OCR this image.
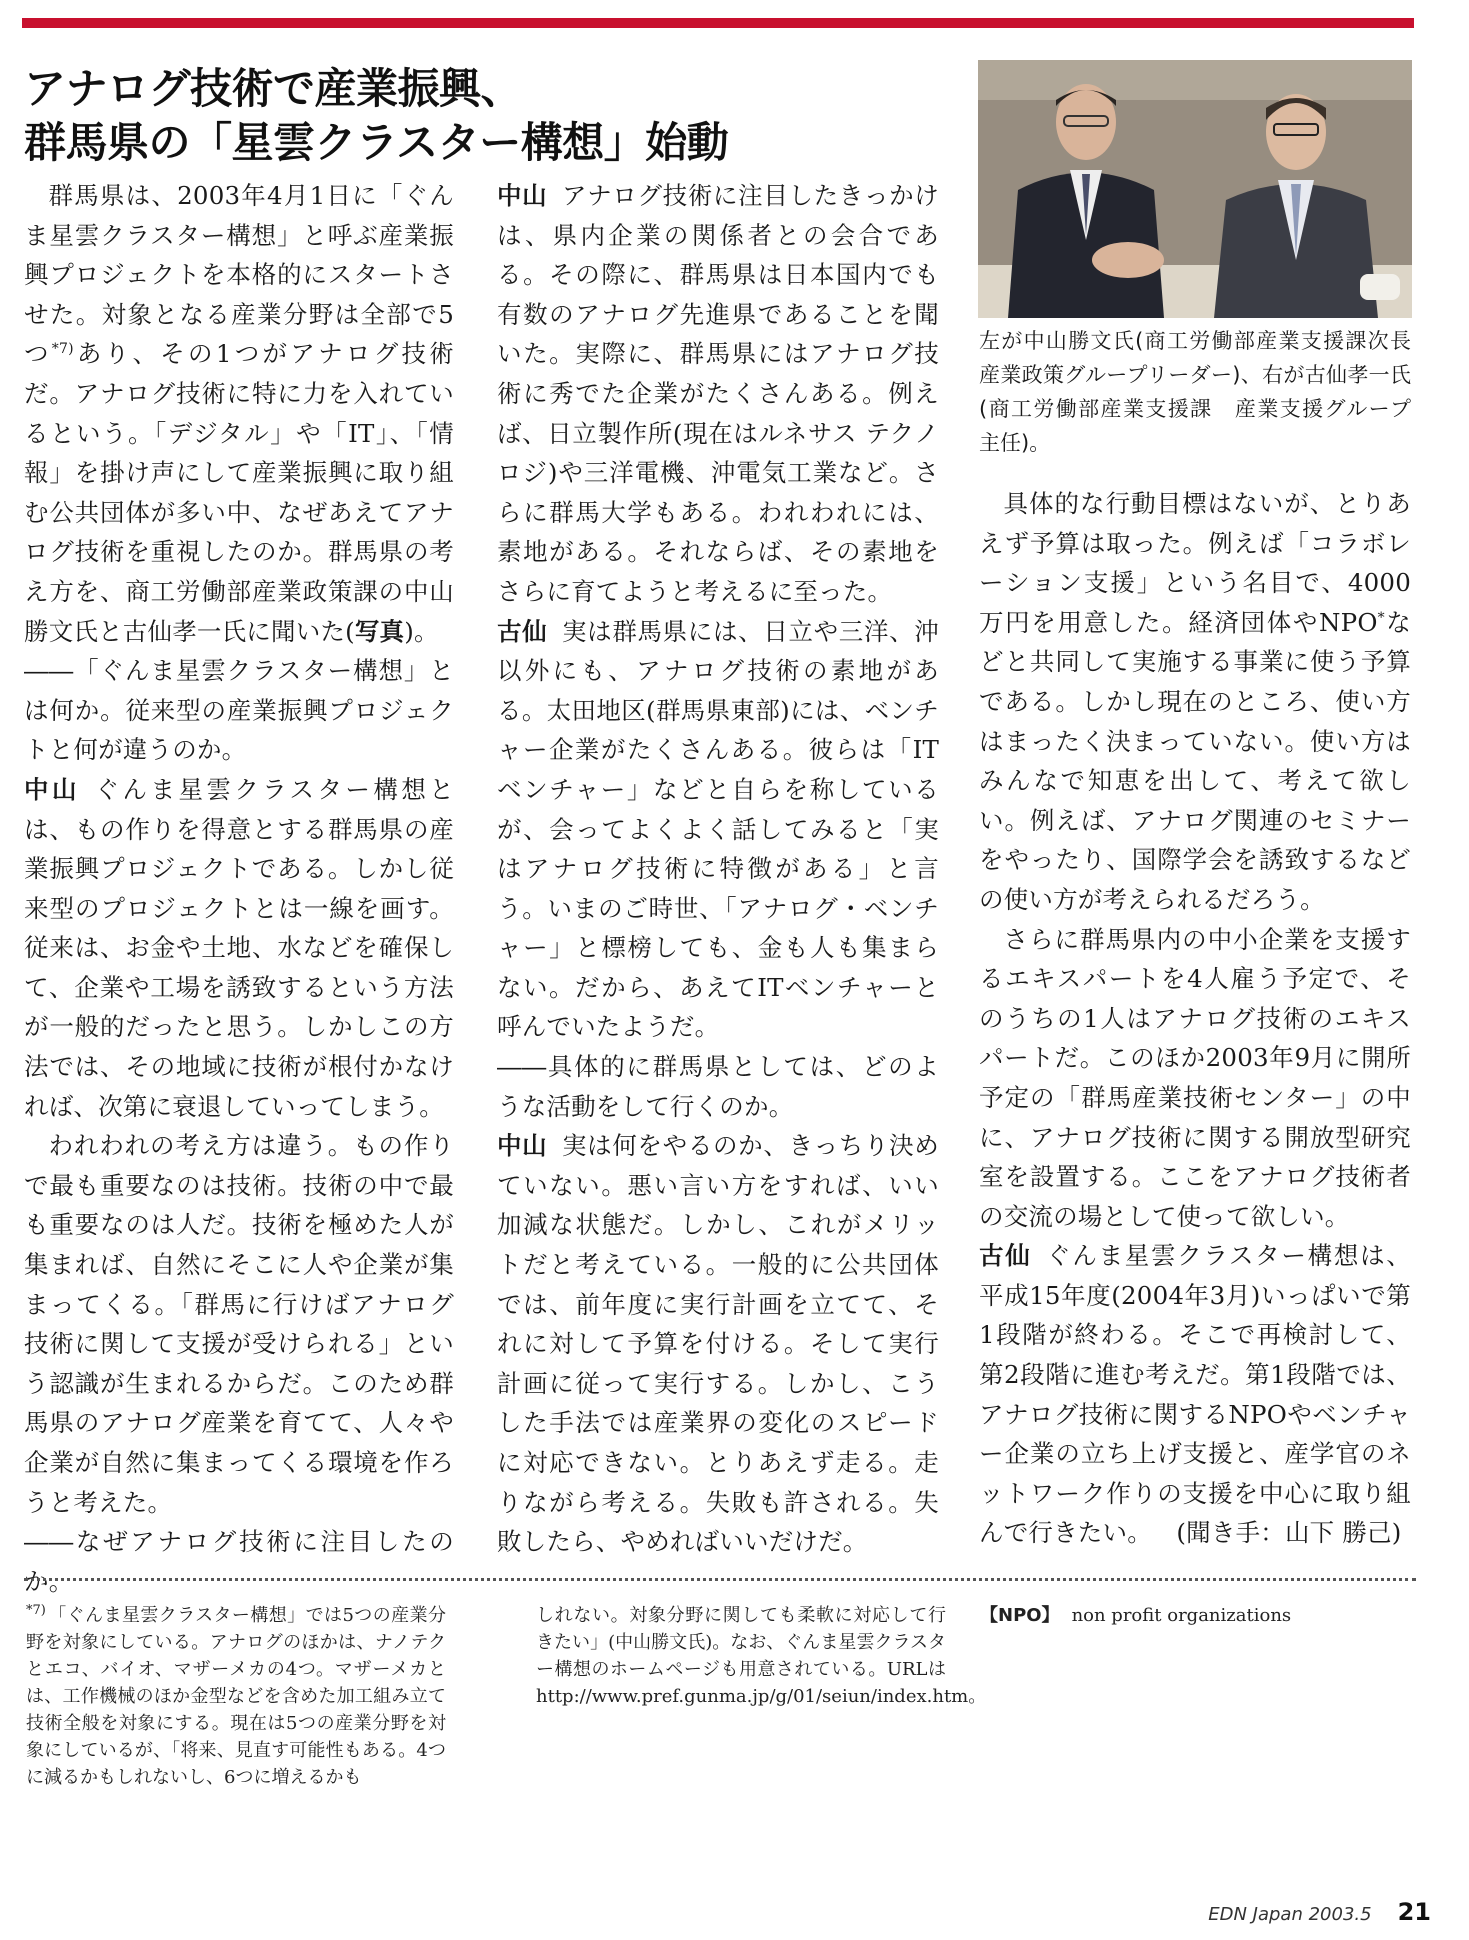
アナログ技術で産業振興、
群馬県の「星雲クラスター構想」始動

群馬県は、2003年4月1日に「ぐんま星雲クラスター構想」と呼ぶ産業振興プロジェクトを本格的にスタートさせた。対象となる産業分野は全部で5つ$^{*7)}$あり、その1つがアナログ技術だ。アナログ技術に特に力を入れているという。「デジタル」や「IT」、「情報」を掛け声にして産業振興に取り組む公共団体が多い中、なぜあえてアナログ技術を重視したのか。群馬県の考え方を、商工労働部産業政策課の中山勝文氏と古仙孝一氏に聞いた(写真)。

――「ぐんま星雲クラスター構想」とは何か。従来型の産業振興プロジェクトと何が違うのか。

中山 ぐんま星雲クラスター構想とは、もの作りを得意とする群馬県の産業振興プロジェクトである。しかし従来型のプロジェクトとは一線を画す。従来は、お金や土地、水などを確保して、企業や工場を誘致するという方法が一般的だったと思う。しかしこの方法では、その地域に技術が根付かなければ、次第に衰退していってしまう。

われわれの考え方は違う。もの作りで最も重要なのは技術。技術の中で最も重要なのは人だ。技術を極めた人が集まれば、自然にそこに人や企業が集まってくる。「群馬に行けばアナログ技術に関して支援が受けられる」という認識が生まれるからだ。このため群馬県のアナログ産業を育てて、人々や企業が自然に集まってくる環境を作ろうと考えた。

――なぜアナログ技術に注目したのか。

中山 アナログ技術に注目したきっかけは、県内企業の関係者との会合である。その際に、群馬県は日本国内でも有数のアナログ先進県であることを聞いた。実際に、群馬県にはアナログ技術に秀でた企業がたくさんある。例えば、日立製作所(現在はルネサス テクノロジ)や三洋電機、沖電気工業など。さらに群馬大学もある。われわれには、素地がある。それならば、その素地をさらに育てようと考えるに至った。

古仙 実は群馬県には、日立や三洋、沖以外にも、アナログ技術の素地がある。太田地区(群馬県東部)には、ベンチャー企業がたくさんある。彼らは「ITベンチャー」などと自らを称しているが、会ってよくよく話してみると「実はアナログ技術に特徴がある」と言う。いまのご時世、「アナログ・ベンチャー」と標榜しても、金も人も集まらない。だから、あえてITベンチャーと呼んでいたようだ。

――具体的に群馬県としては、どのような活動をして行くのか。

中山 実は何をやるのか、きっちり決めていない。悪い言い方をすれば、いい加減な状態だ。しかし、これがメリットだと考えている。一般的に公共団体では、前年度に実行計画を立てて、それに対して予算を付ける。そして実行計画に従って実行する。しかし、こうした手法では産業界の変化のスピードに対応できない。とりあえず走る。走りながら考える。失敗も許される。失敗したら、やめればいいだけだ。

左が中山勝文氏(商工労働部産業支援課次長　産業政策グループリーダー)、右が古仙孝一氏(商工労働部産業支援課　産業支援グループ　主任)。

具体的な行動目標はないが、とりあえず予算は取った。例えば「コラボレーション支援」という名目で、4000万円を用意した。経済団体やNPO*などと共同して実施する事業に使う予算である。しかし現在のところ、使い方はまったく決まっていない。使い方はみんなで知恵を出して、考えて欲しい。例えば、アナログ関連のセミナーをやったり、国際学会を誘致するなどの使い方が考えられるだろう。

さらに群馬県内の中小企業を支援するエキスパートを4人雇う予定で、そのうちの1人はアナログ技術のエキスパートだ。このほか2003年9月に開所予定の「群馬産業技術センター」の中に、アナログ技術に関する開放型研究室を設置する。ここをアナログ技術者の交流の場として使って欲しい。

古仙 ぐんま星雲クラスター構想は、平成15年度(2004年3月)いっぱいで第1段階が終わる。そこで再検討して、第2段階に進む考えだ。第1段階では、アナログ技術に関するNPOやベンチャー企業の立ち上げ支援と、産学官のネットワーク作りの支援を中心に取り組んで行きたい。 (聞き手：山下 勝己)

$^{*7)}$ 「ぐんま星雲クラスター構想」では5つの産業分野を対象にしている。アナログのほかは、ナノテクとエコ、バイオ、マザーメカの4つ。マザーメカとは、工作機械のほか金型などを含めた加工組み立て技術全般を対象にする。現在は5つの産業分野を対象にしているが、「将来、見直す可能性もある。4つに減るかもしれないし、6つに増えるかも
しれない。対象分野に関しても柔軟に対応して行きたい」(中山勝文氏)。なお、ぐんま星雲クラスター構想のホームページも用意されている。URLはhttp://www.pref.gunma.jp/g/01/seiun/index.htm。
【NPO】 non profit organizations
EDN Japan 2003.5 21
